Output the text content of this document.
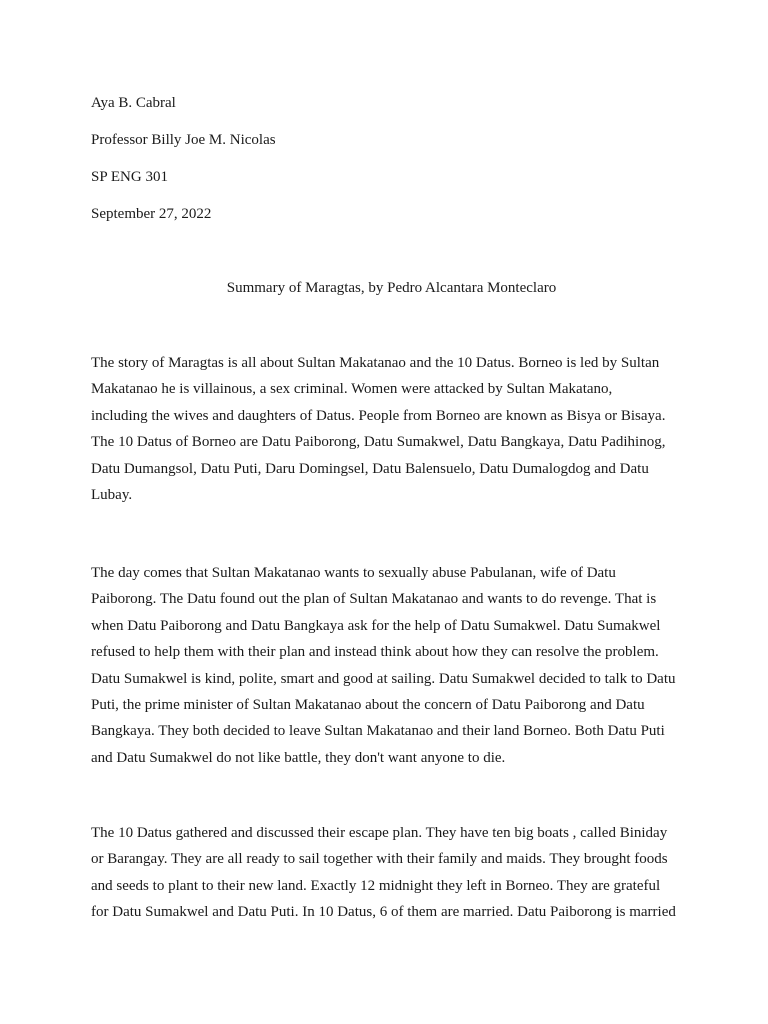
Aya B. Cabral
Professor Billy Joe M. Nicolas
SP ENG 301
September 27, 2022
Summary of Maragtas, by Pedro Alcantara Monteclaro
The story of Maragtas is all about Sultan Makatanao and the 10 Datus. Borneo is led by Sultan
Makatanao he is villainous, a sex criminal. Women were attacked by Sultan Makatano,
including the wives and daughters of Datus. People from Borneo are known as Bisya or Bisaya.
The 10 Datus of Borneo are Datu Paiborong, Datu Sumakwel, Datu Bangkaya, Datu Padihinog,
Datu Dumangsol, Datu Puti, Daru Domingsel, Datu Balensuelo, Datu Dumalogdog and Datu
Lubay.
The day comes that Sultan Makatanao wants to sexually abuse Pabulanan, wife of Datu
Paiborong. The Datu found out the plan of Sultan Makatanao and wants to do revenge. That is
when Datu Paiborong and Datu Bangkaya ask for the help of Datu Sumakwel. Datu Sumakwel
refused to help them with their plan and instead think about how they can resolve the problem.
Datu Sumakwel is kind, polite, smart and good at sailing. Datu Sumakwel decided to talk to Datu
Puti, the prime minister of Sultan Makatanao about the concern of Datu Paiborong and Datu
Bangkaya. They both decided to leave Sultan Makatanao and their land Borneo. Both Datu Puti
and Datu Sumakwel do not like battle, they don't want anyone to die.
The 10 Datus gathered and discussed their escape plan. They have ten big boats , called Biniday
or Barangay. They are all ready to sail together with their family and maids. They brought foods
and seeds to plant to their new land. Exactly 12 midnight they left in Borneo. They are grateful
for Datu Sumakwel and Datu Puti. In 10 Datus, 6 of them are married. Datu Paiborong is married
